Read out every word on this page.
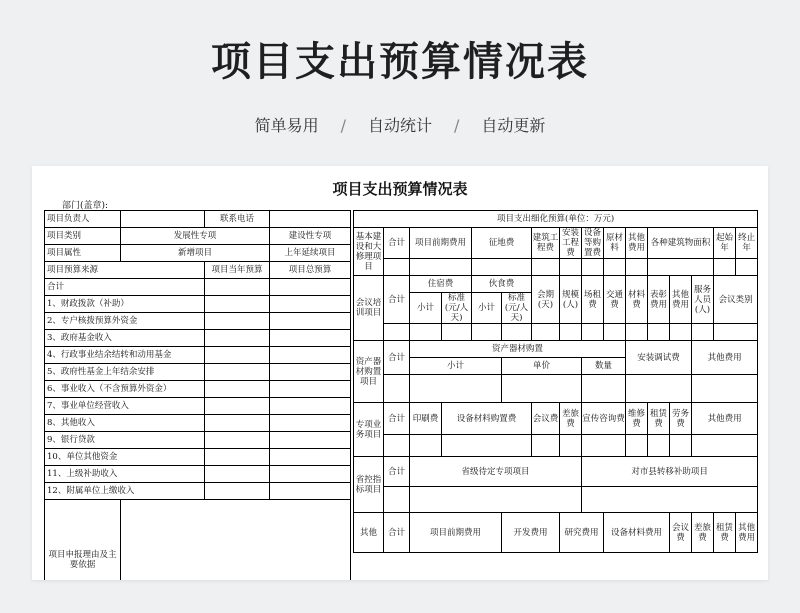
项目支出预算情况表
简单易用 / 自动统计 / 自动更新
项目支出预算情况表
部门(盖章):
项目负责人		联系电话	
项目类别	发展性专项		建设性专项
项目属性	新增项目		上年延续项目
项目预算来源		项目当年预算	项目总预算
合计			
1、财政拨款（补助）			
2、专户核拨预算外资金			
3、政府基金收入			
4、行政事业结余结转和动用基金			
5、政府性基金上年结余安排			
6、事业收入（不含预算外资金）			
7、事业单位经营收入			
8、其他收入			
9、银行贷款			
10、单位其他资金			
11、上级补助收入			
12、附属单位上缴收入			
项目申报理由及主要依据			
项目支出细化预算(单位：万元)															
基本建设和大修理项目	合计	项目前期费用		征地费		建筑工程费	安装工程费	设备等购置费	原材料	其他费用	各种建筑物面积			起始年	终止年

会议培训项目	合计	住宿费		伙食费		会期(天)	规模(人)	场租费	交通费	材料费	表彰费用	其他费用	服务人员(人)	会议类别	
		小计	标准(元/人天)	小计	标准(元/人天)										

资产器材购置项目	合计	资产器材购置								安装调试费			其他费用		
		小计			单价			数量							

专项业务项目	合计	印刷费	设备材料购置费			会议费	差旅费	宣传咨询费		维修费	租赁费	劳务费	其他费用		

省控指标项目	合计	省级待定专项项目						对市县转移补助项目							

其他	合计	项目前期费用			开发费用		研究费用		设备材料费用			会议费	差旅费	租赁费	其他费用
